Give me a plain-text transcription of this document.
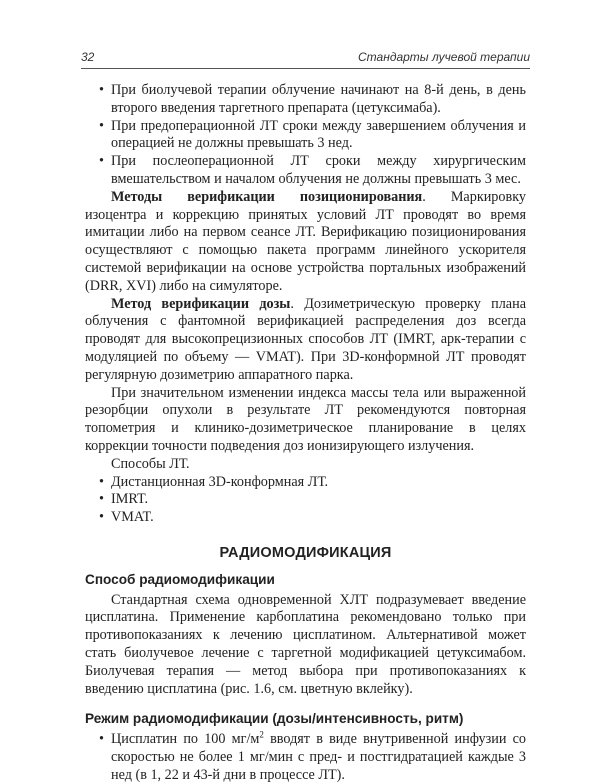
32	Стандарты лучевой терапии
• При биолучевой терапии облучение начинают на 8-й день, в день второго введения таргетного препарата (цетуксимаба).
• При предоперационной ЛТ сроки между завершением облучения и операцией не должны превышать 3 нед.
• При послеоперационной ЛТ сроки между хирургическим вмешательством и началом облучения не должны превышать 3 мес.

Методы верификации позиционирования. Маркировку изоцентра и коррекцию принятых условий ЛТ проводят во время имитации либо на первом сеансе ЛТ. Верификацию позиционирования осуществляют с помощью пакета программ линейного ускорителя системой верификации на основе устройства портальных изображений (DRR, XVI) либо на симуляторе.

Метод верификации дозы. Дозиметрическую проверку плана облучения с фантомной верификацией распределения доз всегда проводят для высокопрецизионных способов ЛТ (IMRT, арк-терапии с модуляцией по объему — VMAT). При 3D-конформной ЛТ проводят регулярную дозиметрию аппаратного парка.

При значительном изменении индекса массы тела или выраженной резорбции опухоли в результате ЛТ рекомендуются повторная топометрия и клинико-дозиметрическое планирование в целях коррекции точности подведения доз ионизирующего излучения.

Способы ЛТ.

• Дистанционная 3D-конформная ЛТ.
• IMRT.
• VMAT.
РАДИОМОДИФИКАЦИЯ
Способ радиомодификации

Стандартная схема одновременной ХЛТ подразумевает введение цисплатина. Применение карбоплатина рекомендовано только при противопоказаниях к лечению цисплатином. Альтернативой может стать биолучевое лечение с таргетной модификацией цетуксимабом. Биолучевая терапия — метод выбора при противопоказаниях к введению цисплатина (рис. 1.6, см. цветную вклейку).

Режим радиомодификации (дозы/интенсивность, ритм)
• Цисплатин по 100 $мг/м^2$ вводят в виде внутривенной инфузии со скоростью не более 1 мг/мин с пред- и постгидратацией каждые 3 нед (в 1, 22 и 43-й дни в процессе ЛТ).
